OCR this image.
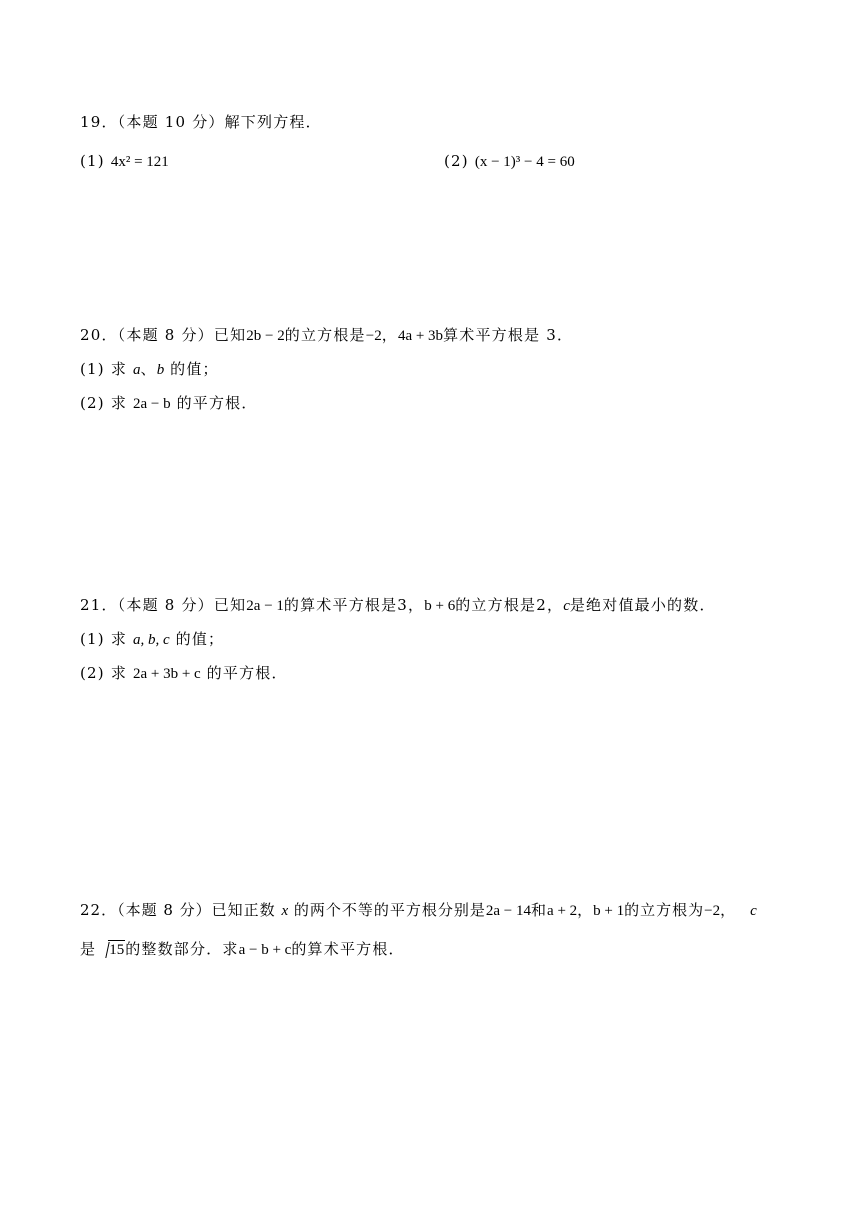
19．（本题 10 分）解下列方程．
(1) 4x² = 121	(2) (x − 1)³ − 4 = 60
20．（本题 8 分）已知2b − 2的立方根是−2，4a + 3b算术平方根是 3．
(1) 求 a、b 的值；
(2) 求 2a − b 的平方根．
21．（本题 8 分）已知2a − 1的算术平方根是3，b + 6的立方根是2，c是绝对值最小的数．
(1) 求 a, b, c 的值；
(2) 求 2a + 3b + c 的平方根．
22．（本题 8 分）已知正数 x 的两个不等的平方根分别是2a − 14和a + 2，b + 1的立方根为−2， c
是 15的整数部分．求a − b + c的算术平方根．
